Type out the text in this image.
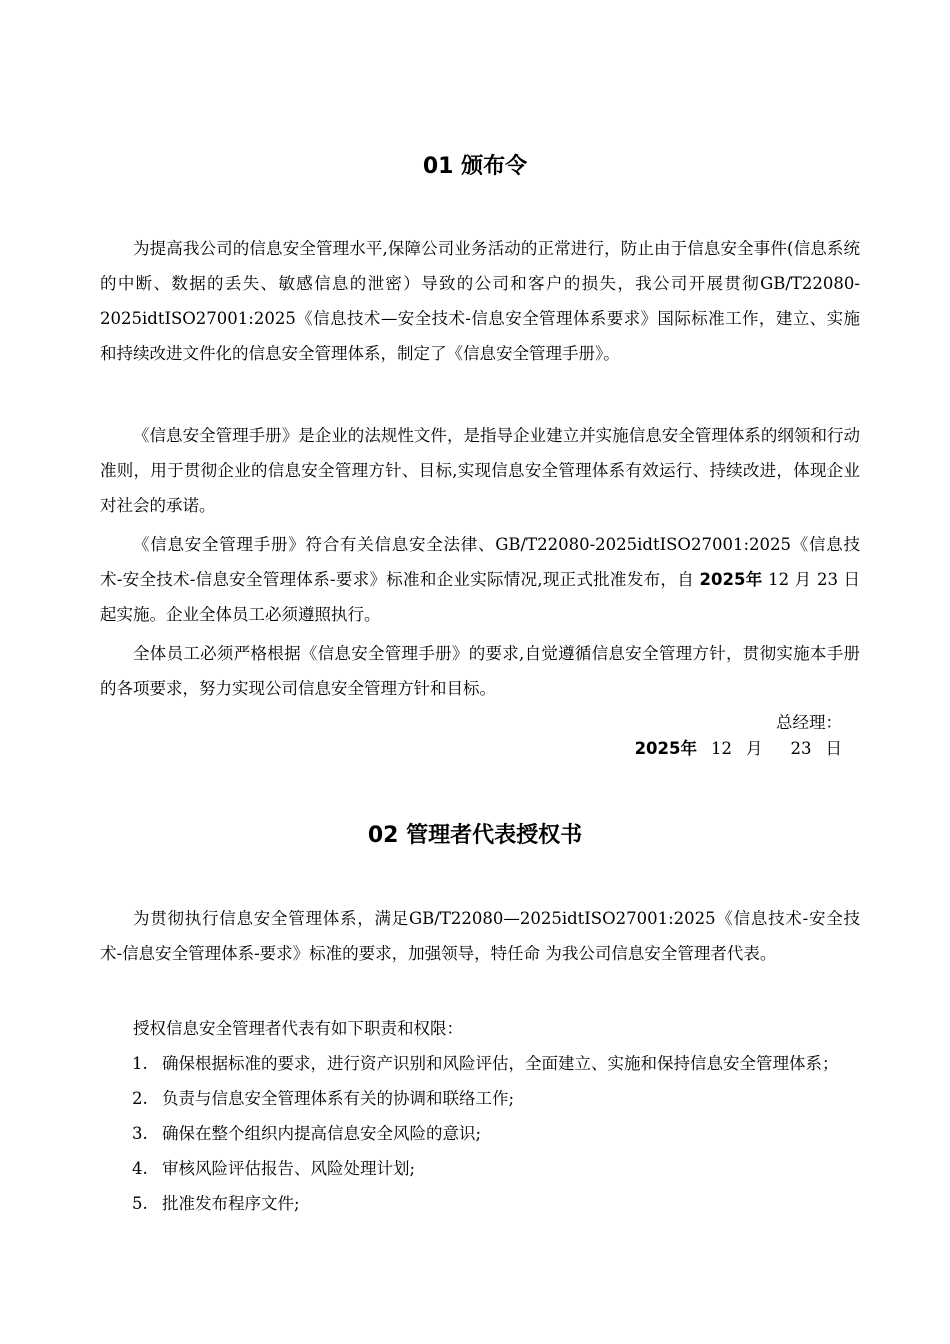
01 颁布令

为提高我公司的信息安全管理水平,保障公司业务活动的正常进行，防止由于信息安全事件(信息系统的中断、数据的丢失、敏感信息的泄密）导致的公司和客户的损失，我公司开展贯彻GB/T22080-2025idtISO27001:2025《信息技术—安全技术-信息安全管理体系要求》国际标准工作，建立、实施和持续改进文件化的信息安全管理体系，制定了《信息安全管理手册》。

《信息安全管理手册》是企业的法规性文件，是指导企业建立并实施信息安全管理体系的纲领和行动准则，用于贯彻企业的信息安全管理方针、目标,实现信息安全管理体系有效运行、持续改进，体现企业对社会的承诺。

《信息安全管理手册》符合有关信息安全法律、GB/T22080-2025idtISO27001:2025《信息技术-安全技术-信息安全管理体系-要求》标准和企业实际情况,现正式批准发布，自 2025年 12 月 23 日起实施。企业全体员工必须遵照执行。

全体员工必须严格根据《信息安全管理手册》的要求,自觉遵循信息安全管理方针，贯彻实施本手册的各项要求，努力实现公司信息安全管理方针和目标。

总经理：
2025年 12 月 23 日
02 管理者代表授权书

为贯彻执行信息安全管理体系，满足GB/T22080—2025idtISO27001:2025《信息技术-安全技术-信息安全管理体系-要求》标准的要求，加强领导，特任命 为我公司信息安全管理者代表。

授权信息安全管理者代表有如下职责和权限：

1. 确保根据标准的要求，进行资产识别和风险评估，全面建立、实施和保持信息安全管理体系；
2. 负责与信息安全管理体系有关的协调和联络工作;
3. 确保在整个组织内提高信息安全风险的意识;
4. 审核风险评估报告、风险处理计划;
5. 批准发布程序文件;
